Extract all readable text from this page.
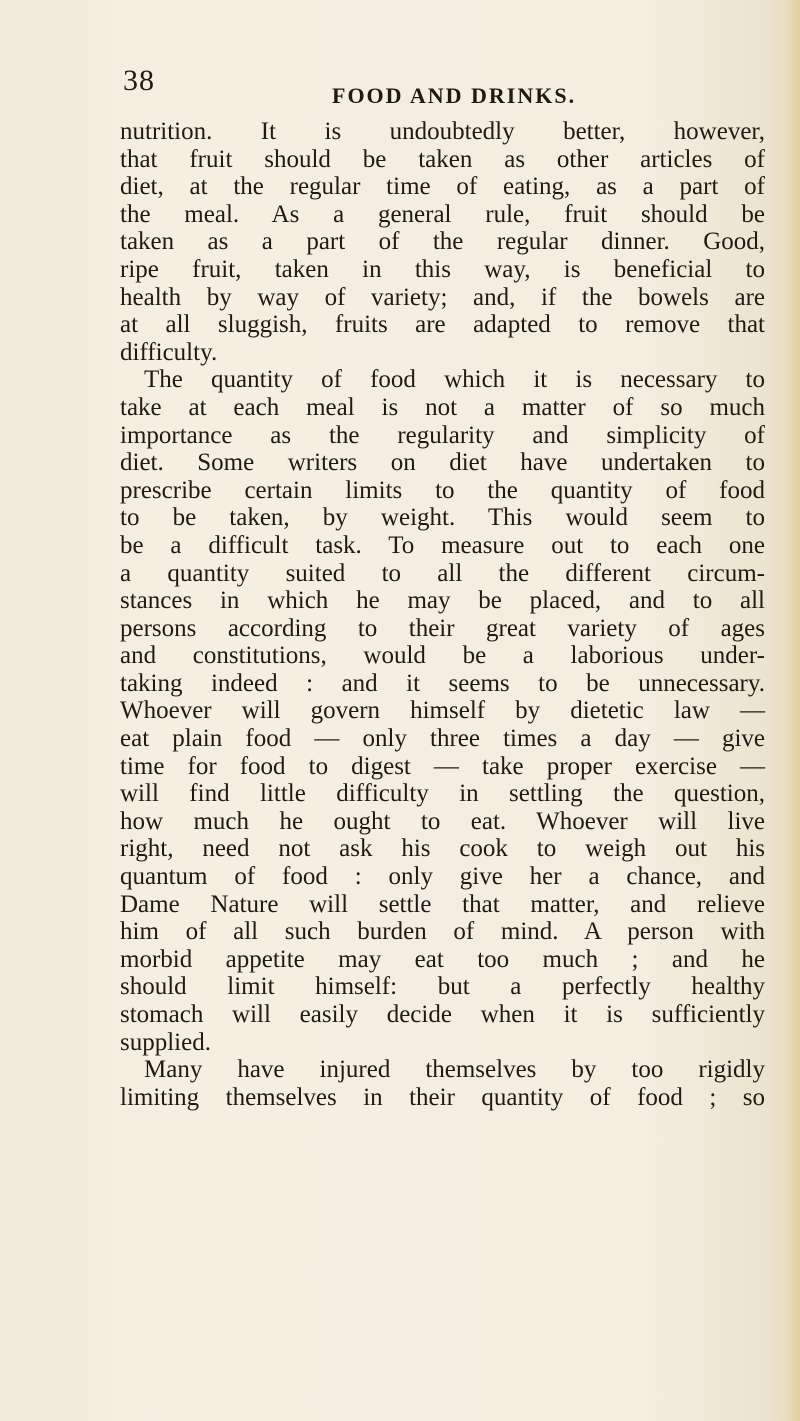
38	FOOD AND DRINKS.
nutrition. It is undoubtedly better, however,
that fruit should be taken as other articles of
diet, at the regular time of eating, as a part of
the meal. As a general rule, fruit should be
taken as a part of the regular dinner. Good,
ripe fruit, taken in this way, is beneficial to
health by way of variety; and, if the bowels are
at all sluggish, fruits are adapted to remove that
difficulty.
The quantity of food which it is necessary to
take at each meal is not a matter of so much
importance as the regularity and simplicity of
diet. Some writers on diet have undertaken to
prescribe certain limits to the quantity of food
to be taken, by weight. This would seem to
be a difficult task. To measure out to each one
a quantity suited to all the different circum-
stances in which he may be placed, and to all
persons according to their great variety of ages
and constitutions, would be a laborious under-
taking indeed : and it seems to be unnecessary.
Whoever will govern himself by dietetic law —
eat plain food — only three times a day — give
time for food to digest — take proper exercise —
will find little difficulty in settling the question,
how much he ought to eat. Whoever will live
right, need not ask his cook to weigh out his
quantum of food : only give her a chance, and
Dame Nature will settle that matter, and relieve
him of all such burden of mind. A person with
morbid appetite may eat too much ; and he
should limit himself: but a perfectly healthy
stomach will easily decide when it is sufficiently
supplied.
Many have injured themselves by too rigidly
limiting themselves in their quantity of food ; so
